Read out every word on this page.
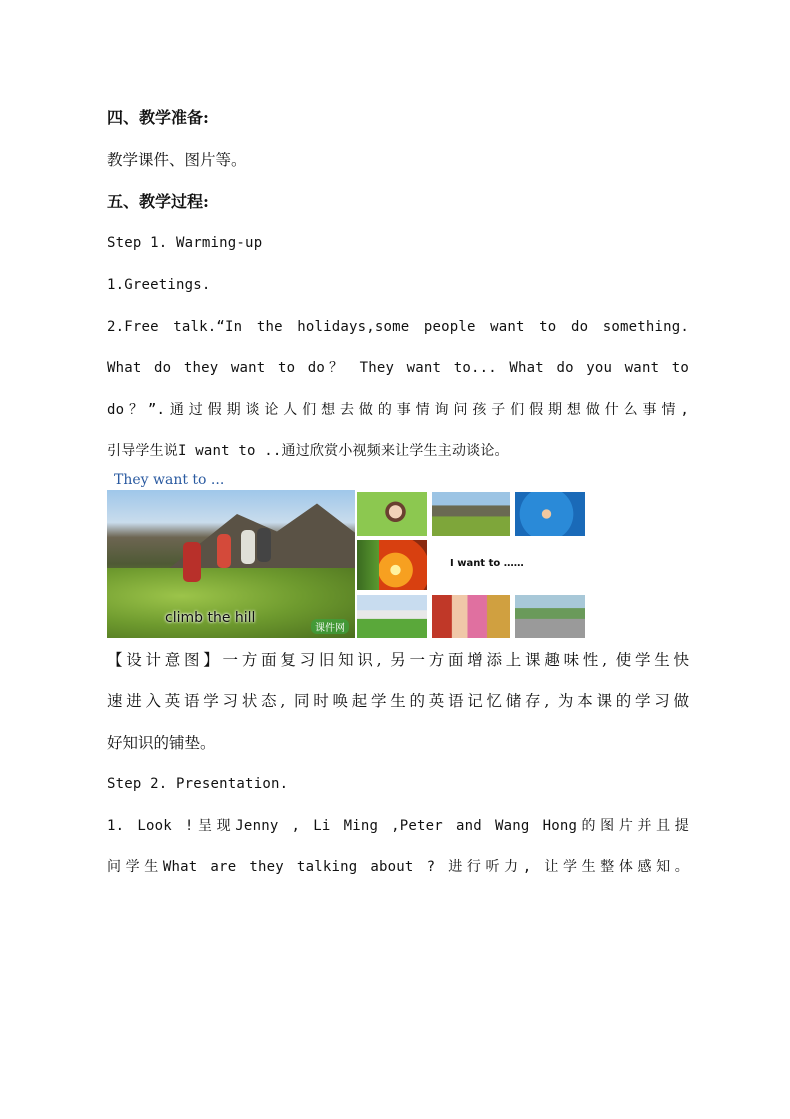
四、教学准备:
教学课件、图片等。
五、教学过程:
Step 1. Warming-up
1.Greetings.
2.Free talk.“In the holidays,some people want to do something.
What do they want to do？ They want to... What do you want to
do？”.通过假期谈论人们想去做的事情询问孩子们假期想做什么事情,
引导学生说I want to ..通过欣赏小视频来让学生主动谈论。
They want to ...
climb the hill
课件网
I want to ……
【设计意图】一方面复习旧知识, 另一方面增添上课趣味性, 使学生快
速进入英语学习状态, 同时唤起学生的英语记忆储存, 为本课的学习做
好知识的铺垫。
Step 2. Presentation.
1. Look !呈现Jenny , Li Ming ,Peter and Wang Hong的图片并且提
问学生What are they talking about ? 进行听力, 让学生整体感知。
